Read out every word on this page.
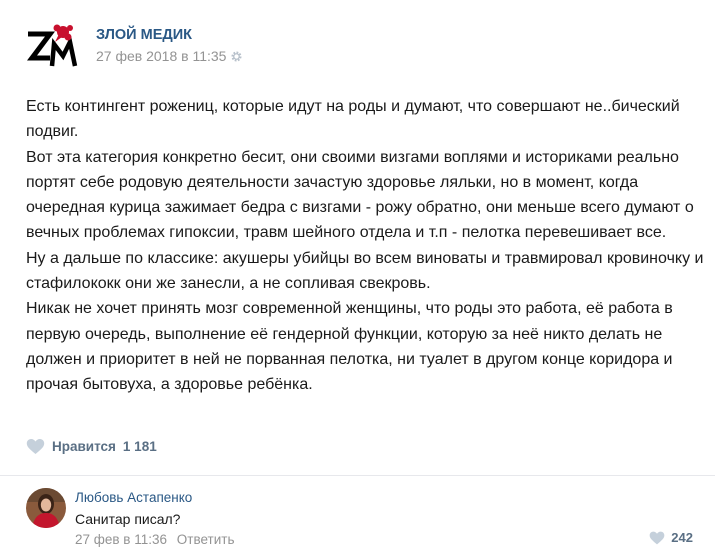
ЗЛОЙ МЕДИК
27 фев 2018 в 11:35

Есть контингент рожениц, которые идут на роды и думают, что совершают не..бический подвиг.

Вот эта категория конкретно бесит, они своими визгами воплями и историками реально портят себе родовую деятельности зачастую здоровье ляльки, но в момент, когда очередная курица зажимает бедра с визгами - рожу обратно, они меньше всего думают о вечных проблемах гипоксии, травм шейного отдела и т.п - пелотка перевешивает все.

Ну а дальше по классике: акушеры убийцы во всем виноваты и травмировал кровиночку и стафилококк они же занесли, а не сопливая свекровь.

Никак не хочет принять мозг современной женщины, что роды это работа, её работа в первую очередь, выполнение её гендерной функции, которую за неё никто делать не должен и приоритет в ней не порванная пелотка, ни туалет в другом конце коридора и прочая бытовуха, а здоровье ребёнка.

Нравится 1 181
Любовь Астапенко
Санитар писал?
27 фев в 11:36 Ответить	242
